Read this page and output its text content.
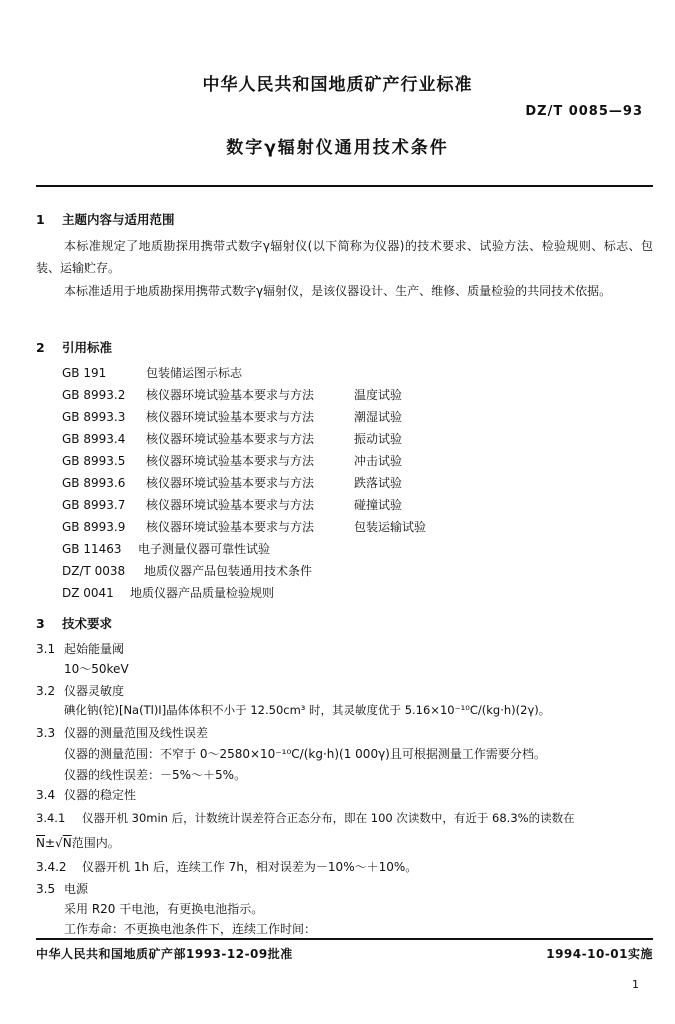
中华人民共和国地质矿产行业标准
DZ/T 0085—93
数字γ辐射仪通用技术条件
1 主题内容与适用范围
本标准规定了地质勘探用携带式数字γ辐射仪(以下简称为仪器)的技术要求、试验方法、检验规则、标志、包装、运输贮存。
本标准适用于地质勘探用携带式数字γ辐射仪，是该仪器设计、生产、维修、质量检验的共同技术依据。
2 引用标准
GB 191	包装储运图示标志
GB 8993.2 核仪器环境试验基本要求与方法	温度试验
GB 8993.3 核仪器环境试验基本要求与方法	潮湿试验
GB 8993.4 核仪器环境试验基本要求与方法	振动试验
GB 8993.5 核仪器环境试验基本要求与方法	冲击试验
GB 8993.6 核仪器环境试验基本要求与方法	跌落试验
GB 8993.7 核仪器环境试验基本要求与方法	碰撞试验
GB 8993.9 核仪器环境试验基本要求与方法	包装运输试验
GB 11463 电子测量仪器可靠性试验
DZ/T 0038 地质仪器产品包装通用技术条件
DZ 0041 地质仪器产品质量检验规则
3 技术要求
3.1 起始能量阈
10～50keV
3.2 仪器灵敏度
碘化钠(铊)[Na(Tl)I]晶体体积不小于 12.50cm³ 时，其灵敏度优于 5.16×10⁻¹⁰C/(kg·h)(2γ)。
3.3 仪器的测量范围及线性误差
仪器的测量范围：不窄于 0～2580×10⁻¹⁰C/(kg·h)(1 000γ)且可根据测量工作需要分档。
仪器的线性误差：－5%～＋5%。
3.4 仪器的稳定性
3.4.1 仪器开机 30min 后，计数统计误差符合正态分布，即在 100 次读数中，有近于 68.3%的读数在
$\overline{N}\pm√N$范围内。
3.4.2 仪器开机 1h 后，连续工作 7h，相对误差为－10%～＋10%。
3.5 电源
采用 R20 干电池，有更换电池指示。
工作寿命：不更换电池条件下，连续工作时间：
中华人民共和国地质矿产部1993-12-09批准	1994-10-01实施
1
